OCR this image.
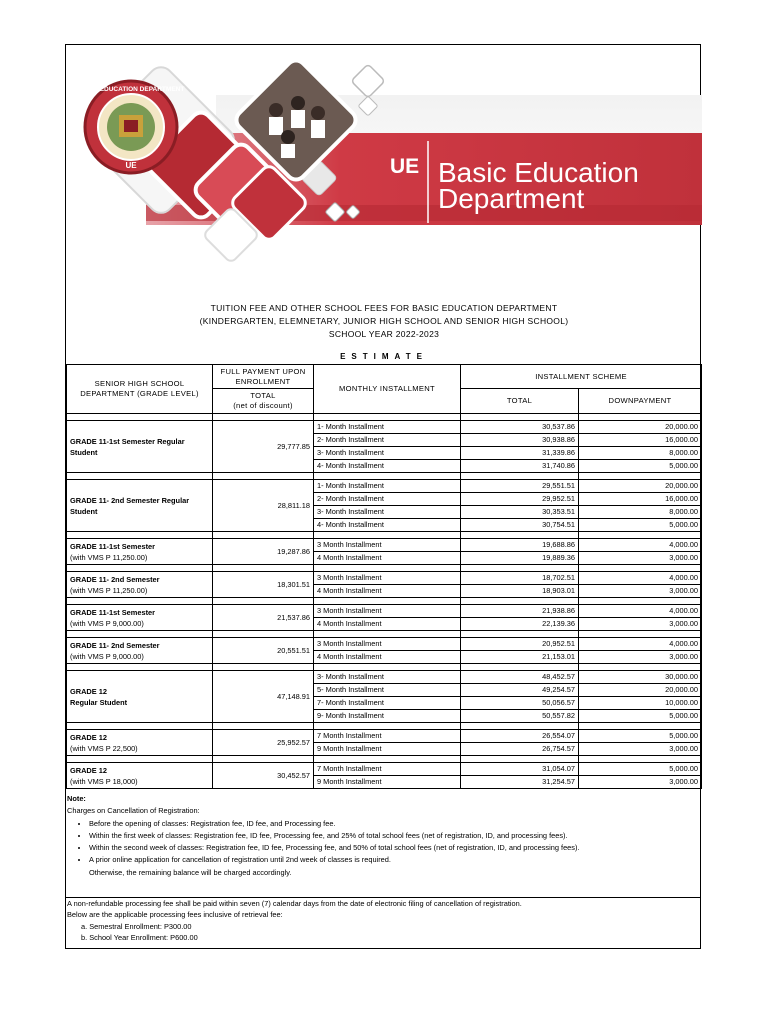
BASIC EDUCATION DEPARTMENT
UE	UE Basic Education
Department
TUITION FEE AND OTHER SCHOOL FEES FOR BASIC EDUCATION DEPARTMENT
(KINDERGARTEN, ELEMNETARY, JUNIOR HIGH SCHOOL AND SENIOR HIGH SCHOOL)
SCHOOL YEAR 2022-2023
ESTIMATE
SENIOR HIGH SCHOOL DEPARTMENT (GRADE LEVEL)	FULL PAYMENT UPON ENROLLMENT	MONTHLY INSTALLMENT	INSTALLMENT SCHEME	

	TOTAL
(net of discount)		TOTAL	DOWNPAYMENT

GRADE 11-1st Semester Regular Student	29,777.85	1- Month Installment	30,537.86	20,000.00
		2- Month Installment	30,938.86	16,000.00
		3- Month Installment	31,339.86	8,000.00
		4- Month Installment	31,740.86	5,000.00

GRADE 11- 2nd Semester Regular Student	28,811.18	1- Month Installment	29,551.51	20,000.00
		2- Month Installment	29,952.51	16,000.00
		3- Month Installment	30,353.51	8,000.00
		4- Month Installment	30,754.51	5,000.00

GRADE 11-1st Semester
(with VMS P 11,250.00)	19,287.86	3 Month Installment	19,688.86	4,000.00
		4 Month Installment	19,889.36	3,000.00

GRADE 11- 2nd Semester
(with VMS P 11,250.00)	18,301.51	3 Month Installment	18,702.51	4,000.00
		4 Month Installment	18,903.01	3,000.00

GRADE 11-1st Semester
(with VMS P 9,000.00)	21,537.86	3 Month Installment	21,938.86	4,000.00
		4 Month Installment	22,139.36	3,000.00

GRADE 11- 2nd Semester
(with VMS P 9,000.00)	20,551.51	3 Month Installment	20,952.51	4,000.00
		4 Month Installment	21,153.01	3,000.00

GRADE 12
Regular Student	47,148.91	3- Month Installment	48,452.57	30,000.00
		5- Month Installment	49,254.57	20,000.00
		7- Month Installment	50,056.57	10,000.00
		9- Month Installment	50,557.82	5,000.00

GRADE 12
(with VMS P 22,500)	25,952.57	7 Month Installment	26,554.07	5,000.00
		9 Month Installment	26,754.57	3,000.00

GRADE 12
(with VMS P 18,000)	30,452.57	7 Month Installment	31,054.07	5,000.00
		9 Month Installment	31,254.57	3,000.00
Note:
Charges on Cancellation of Registration:
• Before the opening of classes: Registration fee, ID fee, and Processing fee.
• Within the first week of classes: Registration fee, ID fee, Processing fee, and 25% of total school fees (net of registration, ID, and processing fees).
• Within the second week of classes: Registration fee, ID fee, Processing fee, and 50% of total school fees (net of registration, ID, and processing fees).
• A prior online application for cancellation of registration until 2nd week of classes is required.
Otherwise, the remaining balance will be charged accordingly.
A non-refundable processing fee shall be paid within seven (7) calendar days from the date of electronic filing of cancellation of registration.
Below are the applicable processing fees inclusive of retrieval fee:
a. Semestral Enrollment: P300.00
b. School Year Enrollment: P600.00
